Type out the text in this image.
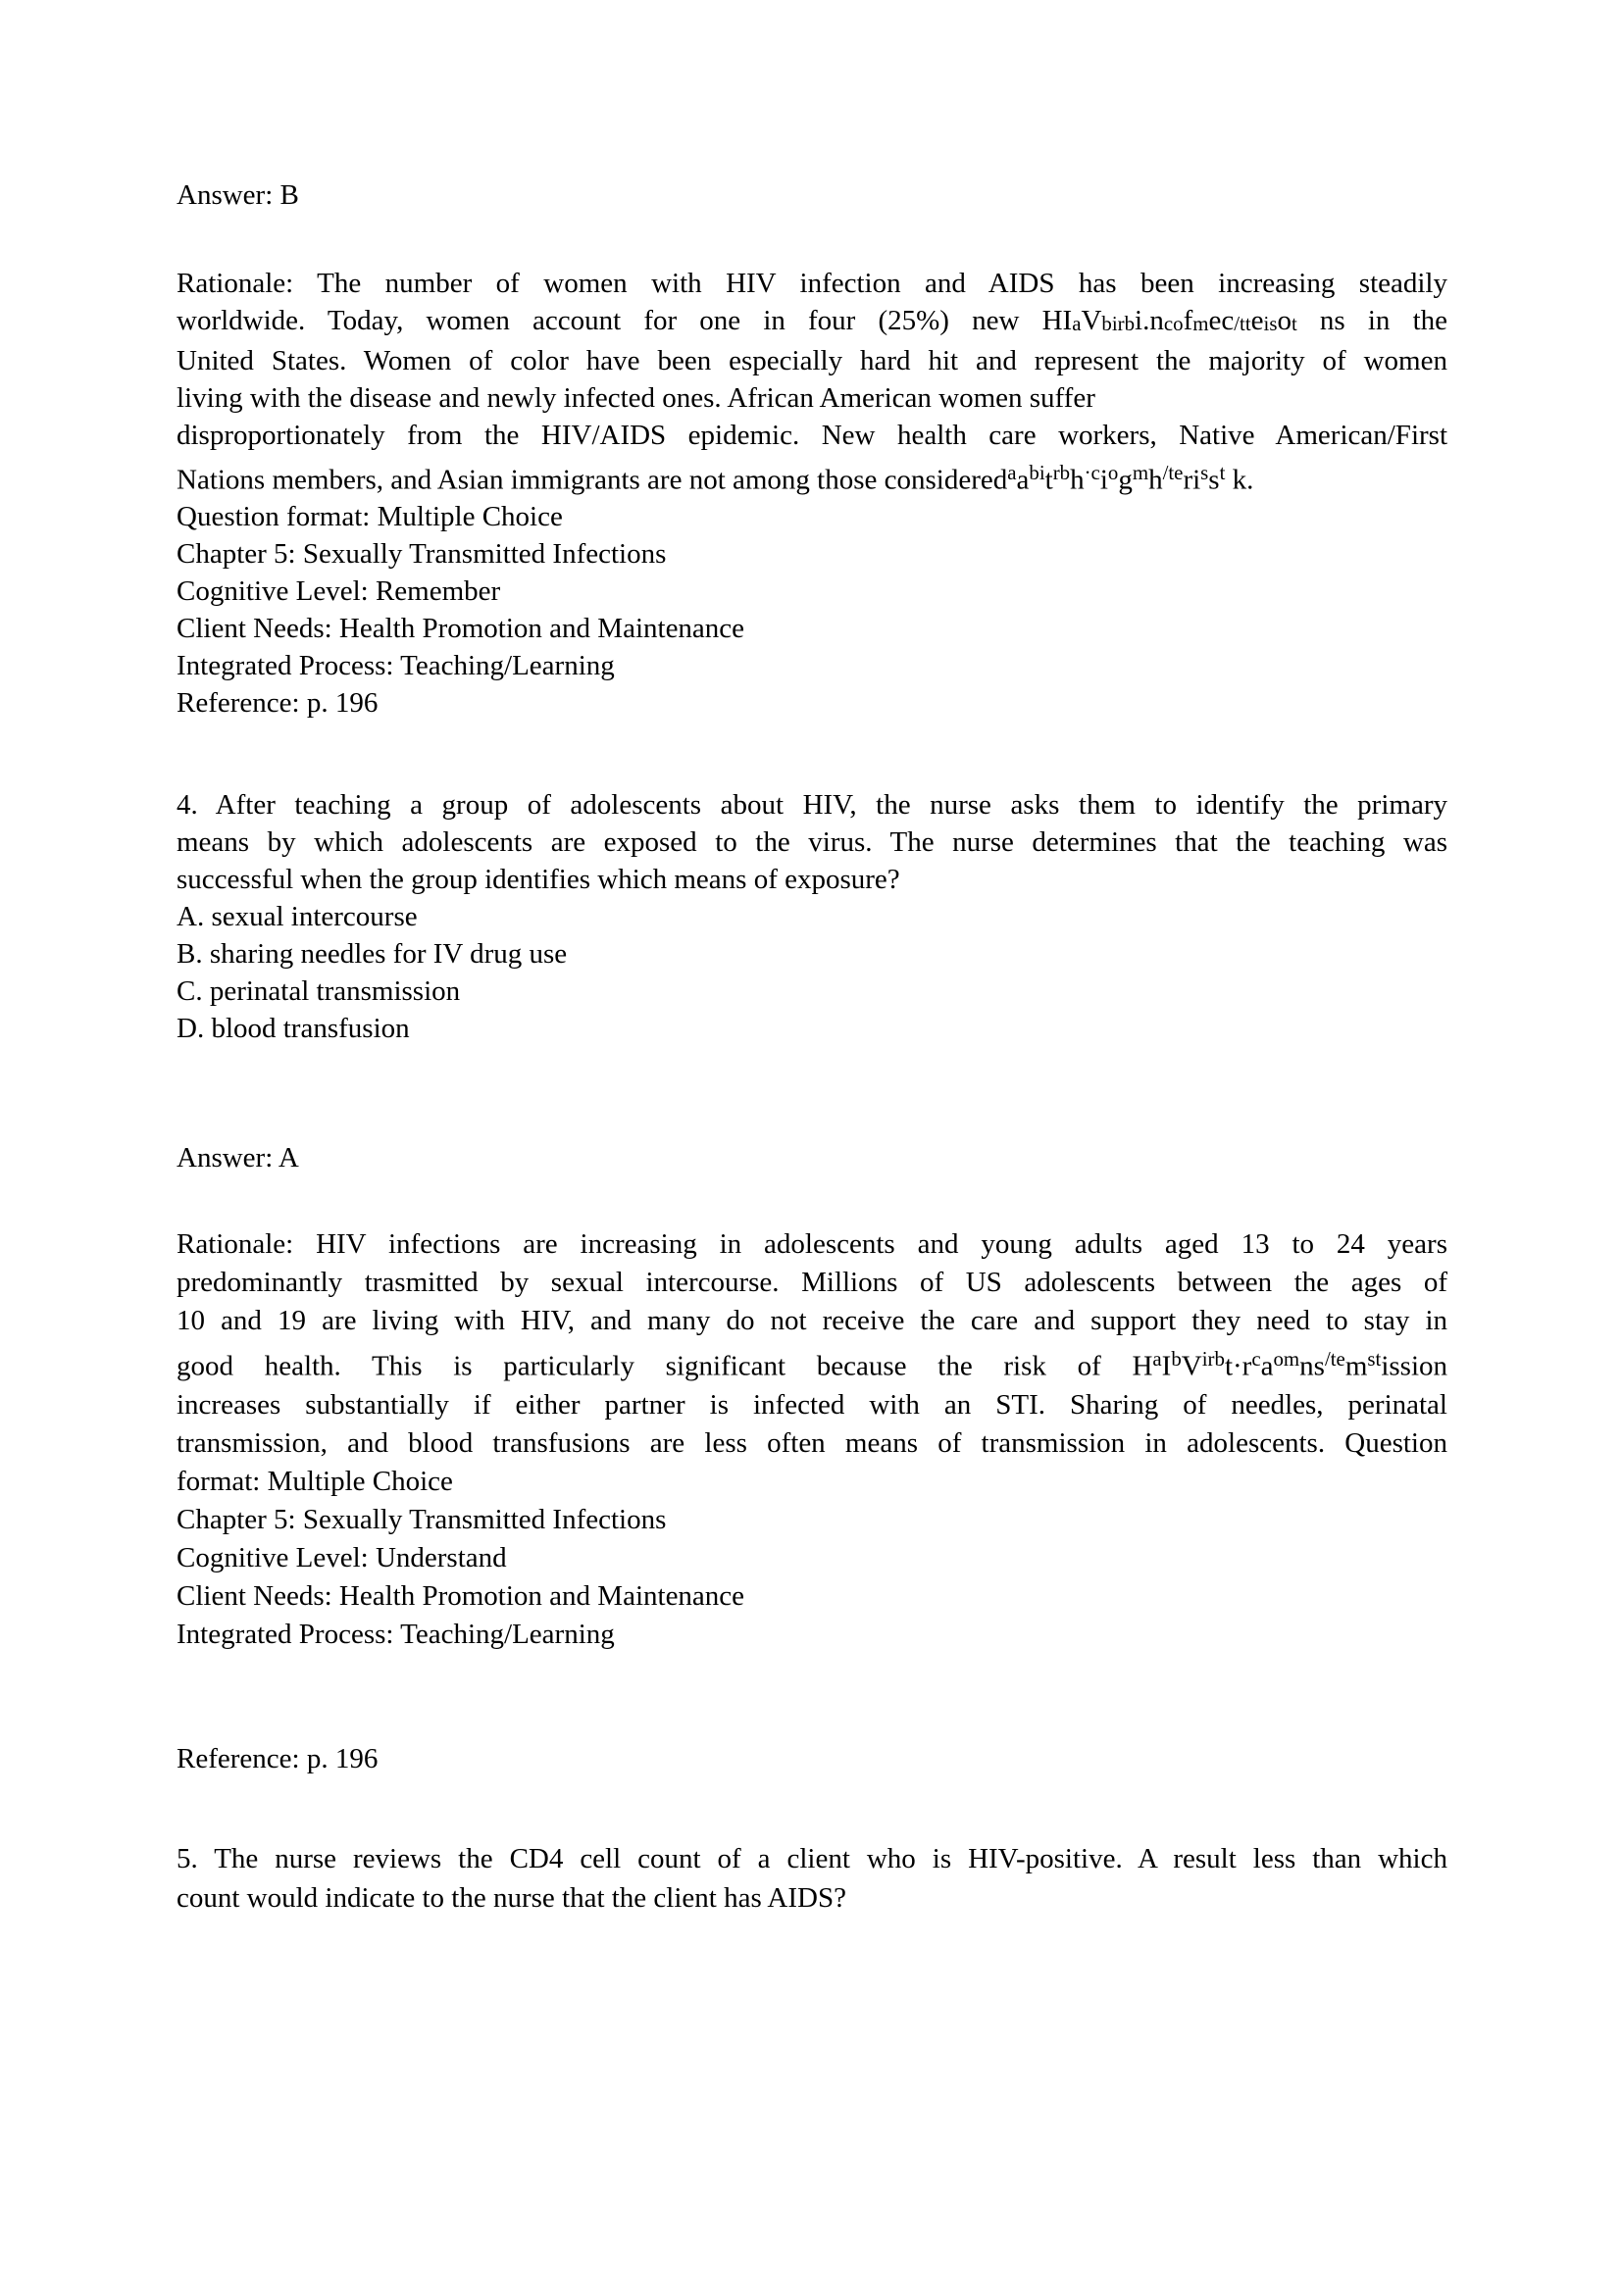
Answer: B
Rationale: The number of women with HIV infection and AIDS has been increasing steadily
worldwide. Today, women account for one in four (25%) new HIaVbirbi.ncofmec/tteisot ns in the
United States. Women of color have been especially hard hit and represent the majority of women
living with the disease and newly infected ones. African American women suffer
disproportionately from the HIV/AIDS epidemic. New health care workers, Native American/First
Nations members, and Asian immigrants are not among those $considered^aa^{bi}t^{rb}h^{\cdot c}i^og^mh^{/te}ri^ss^t$ k.
Question format: Multiple Choice
Chapter 5: Sexually Transmitted Infections
Cognitive Level: Remember
Client Needs: Health Promotion and Maintenance
Integrated Process: Teaching/Learning
Reference: p. 196
4. After teaching a group of adolescents about HIV, the nurse asks them to identify the primary
means by which adolescents are exposed to the virus. The nurse determines that the teaching was
successful when the group identifies which means of exposure?
A. sexual intercourse
B. sharing needles for IV drug use
C. perinatal transmission
D. blood transfusion
Answer: A
Rationale: HIV infections are increasing in adolescents and young adults aged 13 to 24 years
predominantly trasmitted by sexual intercourse. Millions of US adolescents between the ages of
10 and 19 are living with HIV, and many do not receive the care and support they need to stay in
good health. This is particularly significant because the risk of $H^aI^bV^{irb}t\cdot r^ca^{om}ns^{/te}m^{st}ission$
increases substantially if either partner is infected with an STI. Sharing of needles, perinatal
transmission, and blood transfusions are less often means of transmission in adolescents. Question
format: Multiple Choice
Chapter 5: Sexually Transmitted Infections
Cognitive Level: Understand
Client Needs: Health Promotion and Maintenance
Integrated Process: Teaching/Learning
Reference: p. 196
5. The nurse reviews the CD4 cell count of a client who is HIV-positive. A result less than which
count would indicate to the nurse that the client has AIDS?
